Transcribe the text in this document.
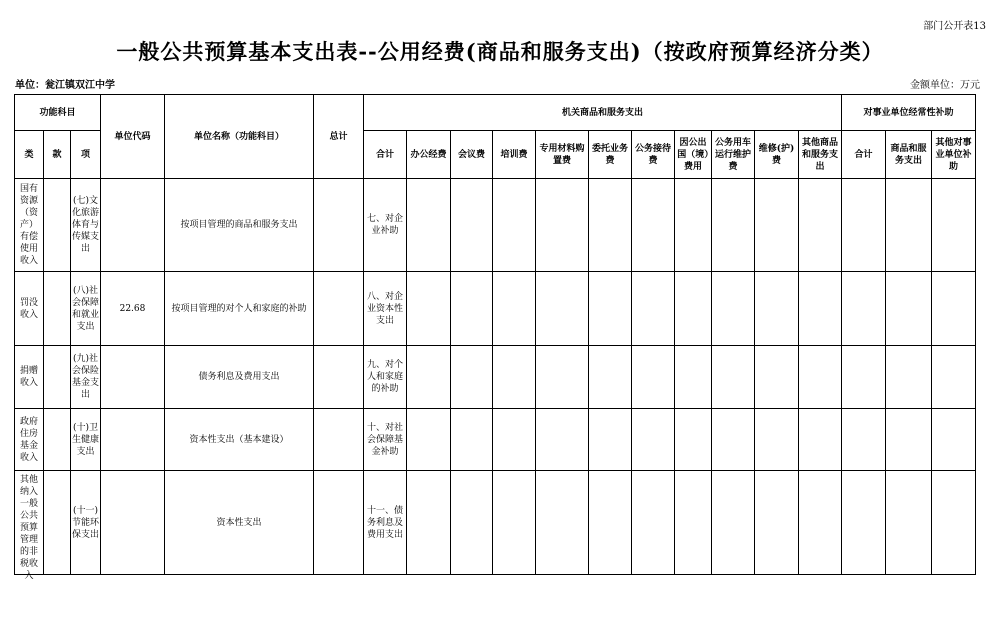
部门公开表13
一般公共预算基本支出表--公用经费(商品和服务支出)（按政府预算经济分类）
单位：瓮江镇双江中学	金额单位：万元
功能科目			单位代码	单位名称（功能科目）	总计	机关商品和服务支出											对事业单位经常性补助		
类	款	项				合计	办公经费	会议费	培训费	专用材料购置费	委托业务费	公务接待费	因公出国（境）费用	公务用车运行维护费	维修(护)费	其他商品和服务支出	合计	商品和服务支出	其他对事业单位补助

国有资源（资产）有偿使用收入		(七)文化旅游体育与传媒支出		按项目管理的商品和服务支出		七、对企业补助													

罚没收入		(八)社会保障和就业支出	22.68	按项目管理的对个人和家庭的补助		八、对企业资本性支出													

捐赠收入		(九)社会保险基金支出		债务利息及费用支出		九、对个人和家庭的补助													

政府住房基金收入		(十)卫生健康支出		资本性支出（基本建设）		十、对社会保障基金补助													

其他纳入一般公共预算管理的非税收入		(十一)节能环保支出		资本性支出		十一、债务利息及费用支出													
